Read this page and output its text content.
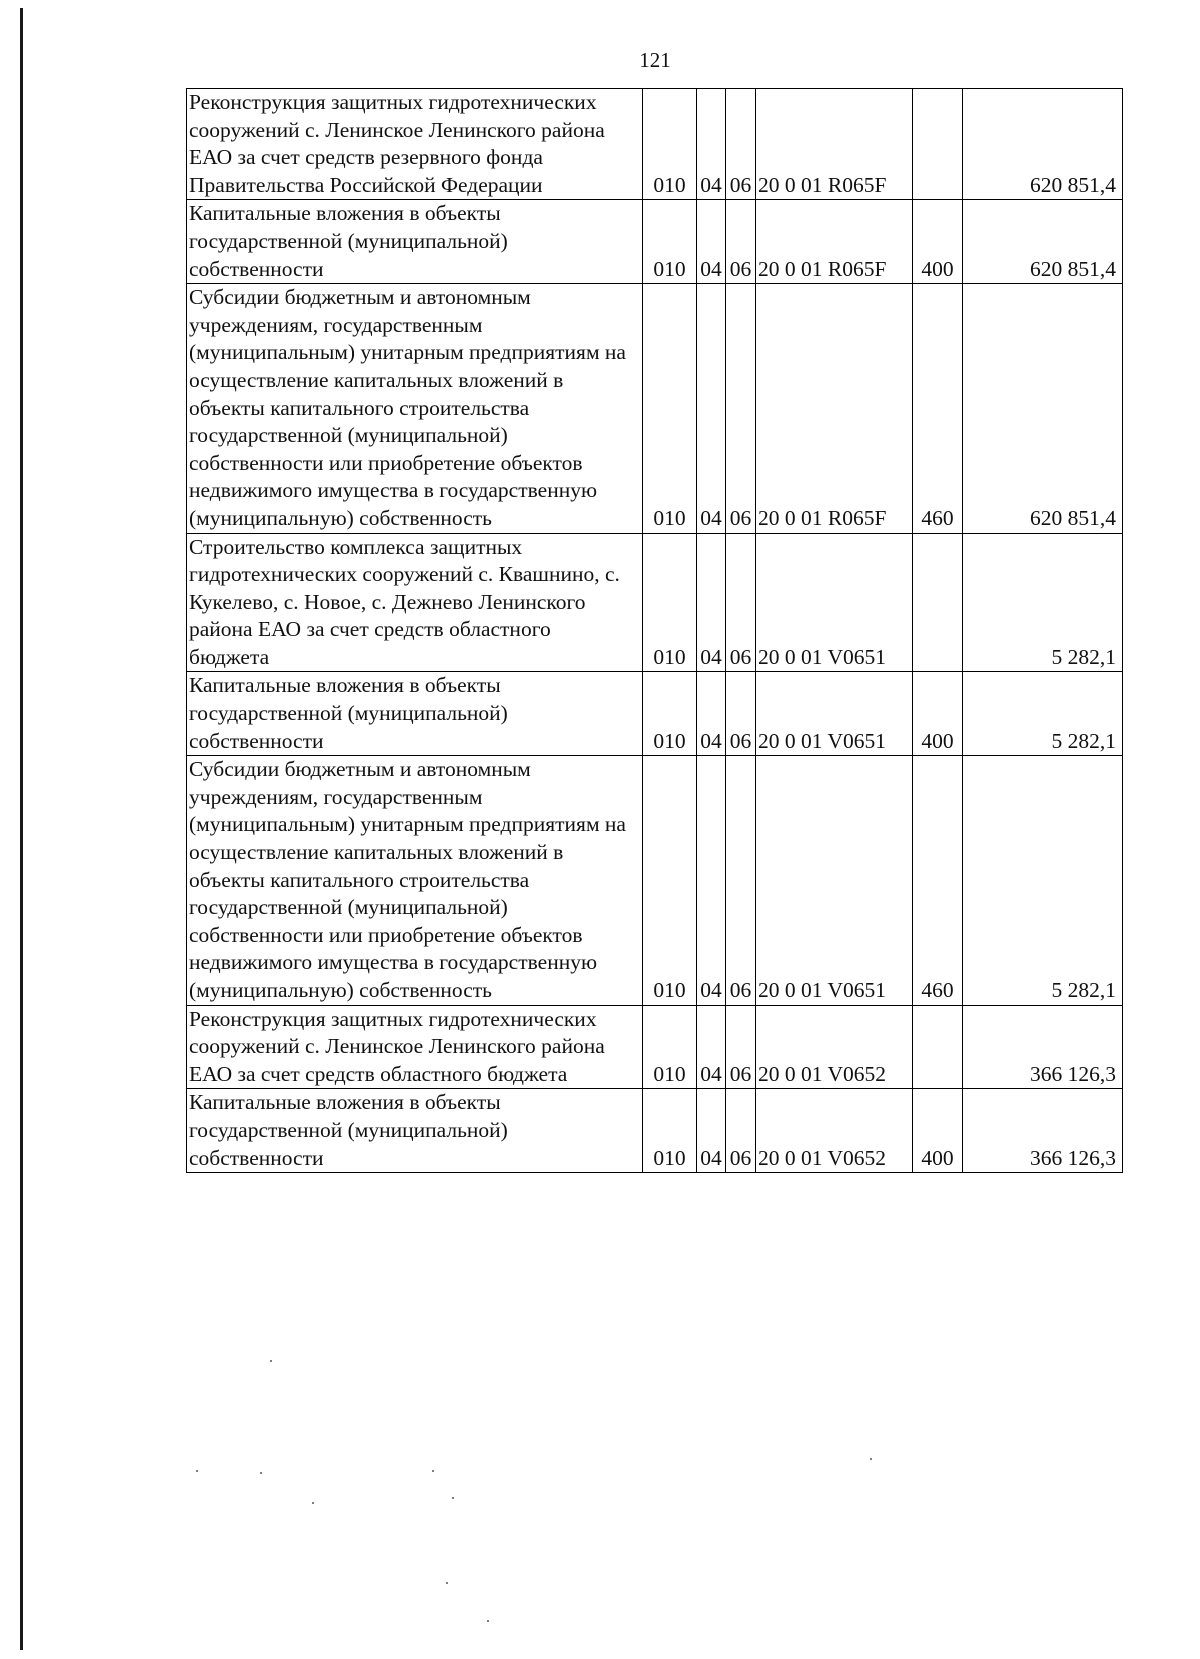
121
Реконструкция защитных гидротехнических сооружений с. Ленинское Ленинского района ЕАО за счет средств резервного фонда Правительства Российской Федерации	010	04	06	20 0 01 R065F		620 851,4
Капитальные вложения в объекты государственной (муниципальной) собственности	010	04	06	20 0 01 R065F	400	620 851,4
Субсидии бюджетным и автономным учреждениям, государственным (муниципальным) унитарным предприятиям на осуществление капитальных вложений в объекты капитального строительства государственной (муниципальной) собственности или приобретение объектов недвижимого имущества в государственную (муниципальную) собственность	010	04	06	20 0 01 R065F	460	620 851,4
Строительство комплекса защитных гидротехнических сооружений с. Квашнино, с. Кукелево, с. Новое, с. Дежнево Ленинского района ЕАО за счет средств областного бюджета	010	04	06	20 0 01 V0651		5 282,1
Капитальные вложения в объекты государственной (муниципальной) собственности	010	04	06	20 0 01 V0651	400	5 282,1
Субсидии бюджетным и автономным учреждениям, государственным (муниципальным) унитарным предприятиям на осуществление капитальных вложений в объекты капитального строительства государственной (муниципальной) собственности или приобретение объектов недвижимого имущества в государственную (муниципальную) собственность	010	04	06	20 0 01 V0651	460	5 282,1
Реконструкция защитных гидротехнических сооружений с. Ленинское Ленинского района ЕАО за счет средств областного бюджета	010	04	06	20 0 01 V0652		366 126,3
Капитальные вложения в объекты государственной (муниципальной) собственности	010	04	06	20 0 01 V0652	400	366 126,3
